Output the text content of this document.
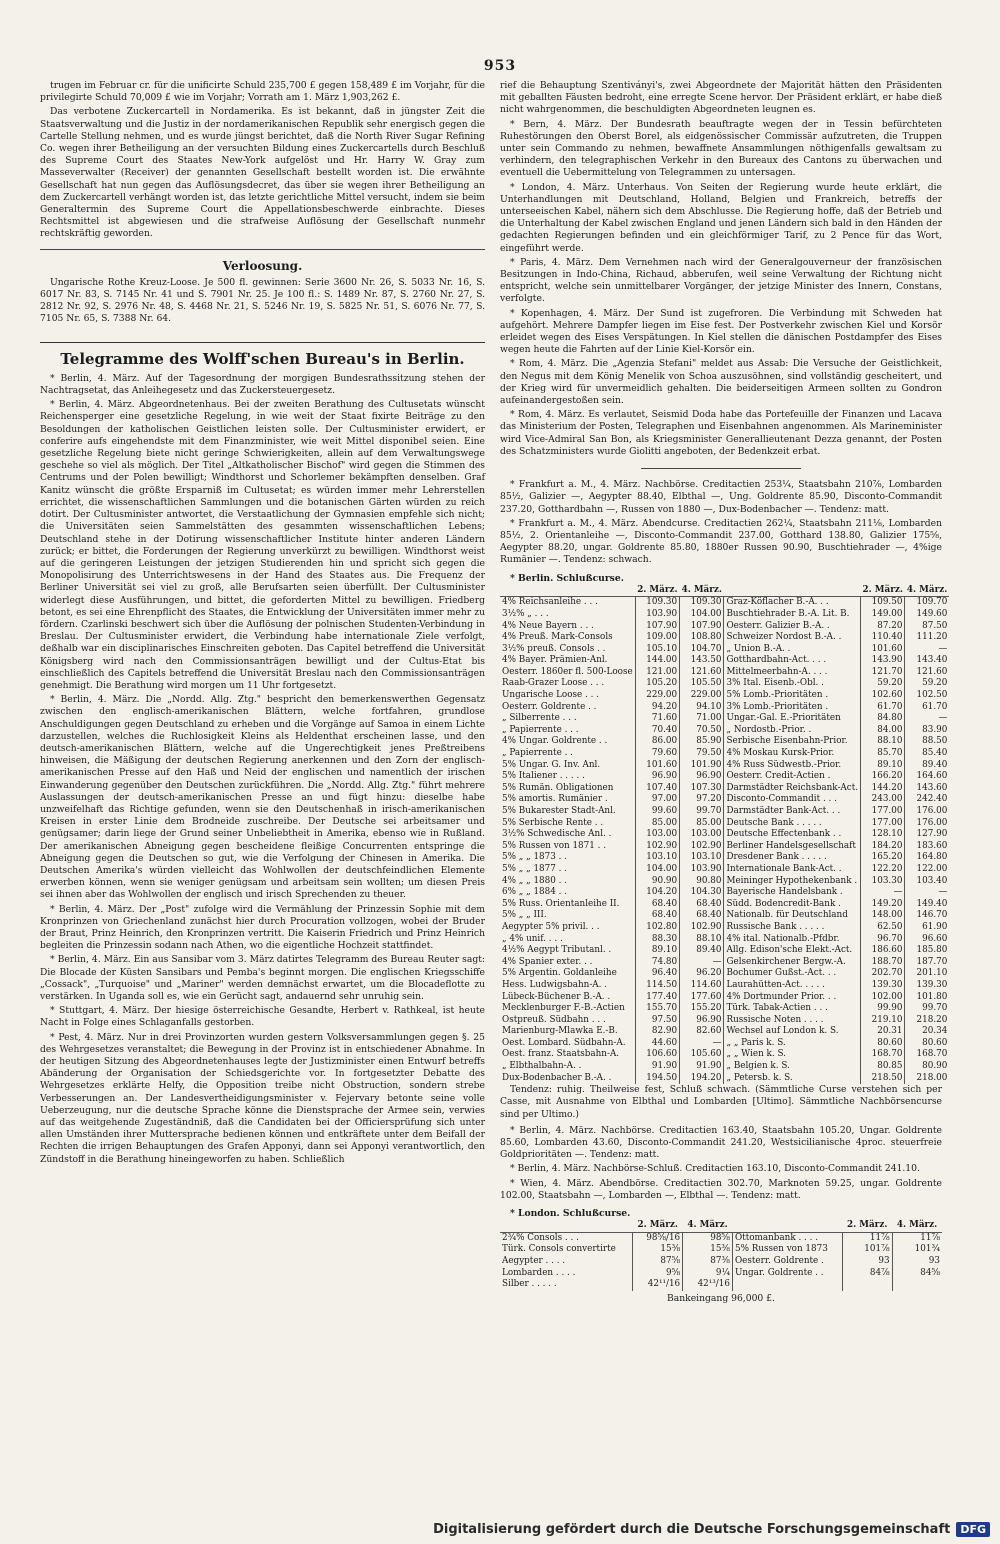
953

trugen im Februar cr. für die unificirte Schuld 235,700 £ gegen 158,489 £ im Vorjahr, für die privilegirte Schuld 70,009 £ wie im Vorjahr; Vorrath am 1. März 1,903,262 £.

Das verbotene Zuckercartell in Nordamerika. Es ist bekannt, daß in jüngster Zeit die Staatsverwaltung und die Justiz in der nordamerikanischen Republik sehr energisch gegen die Cartelle Stellung nehmen, und es wurde jüngst berichtet, daß die North River Sugar Refining Co. wegen ihrer Betheiligung an der versuchten Bildung eines Zuckercartells durch Beschluß des Supreme Court des Staates New-York aufgelöst und Hr. Harry W. Gray zum Masseverwalter (Receiver) der genannten Gesellschaft bestellt worden ist. Die erwähnte Gesellschaft hat nun gegen das Auflösungsdecret, das über sie wegen ihrer Betheiligung an dem Zuckercartell verhängt worden ist, das letzte gerichtliche Mittel versucht, indem sie beim Generaltermin des Supreme Court die Appellationsbeschwerde einbrachte. Dieses Rechtsmittel ist abgewiesen und die strafweise Auflösung der Gesellschaft nunmehr rechtskräftig geworden.

Verloosung.

Ungarische Rothe Kreuz-Loose. Je 500 fl. gewinnen: Serie 3600 Nr. 26, S. 5033 Nr. 16, S. 6017 Nr. 83, S. 7145 Nr. 41 und S. 7901 Nr. 25. Je 100 fl.: S. 1489 Nr. 87, S. 2760 Nr. 27, S. 2812 Nr. 92, S. 2976 Nr. 48, S. 4468 Nr. 21, S. 5246 Nr. 19, S. 5825 Nr. 51, S. 6076 Nr. 77, S. 7105 Nr. 65, S. 7388 Nr. 64.

Telegramme des Wolff'schen Bureau's in Berlin.

* Berlin, 4. März. Auf der Tagesordnung der morgigen Bundesrathssitzung stehen der Nachtragsetat, das Anleihegesetz und das Zuckersteuergesetz.

* Berlin, 4. März. Abgeordnetenhaus. Bei der zweiten Berathung des Cultusetats wünscht Reichensperger eine gesetzliche Regelung, in wie weit der Staat fixirte Beiträge zu den Besoldungen der katholischen Geistlichen leisten solle. Der Cultusminister erwidert, er conferire aufs eingehendste mit dem Finanzminister, wie weit Mittel disponibel seien. Eine gesetzliche Regelung biete nicht geringe Schwierigkeiten, allein auf dem Verwaltungswege geschehe so viel als möglich. Der Titel „Altkatholischer Bischof" wird gegen die Stimmen des Centrums und der Polen bewilligt; Windthorst und Schorlemer bekämpften denselben. Graf Kanitz wünscht die größte Ersparniß im Cultusetat; es würden immer mehr Lehrerstellen errichtet, die wissenschaftlichen Sammlungen und die botanischen Gärten würden zu reich dotirt. Der Cultusminister antwortet, die Verstaatlichung der Gymnasien empfehle sich nicht; die Universitäten seien Sammelstätten des gesammten wissenschaftlichen Lebens; Deutschland stehe in der Dotirung wissenschaftlicher Institute hinter anderen Ländern zurück; er bittet, die Forderungen der Regierung unverkürzt zu bewilligen. Windthorst weist auf die geringeren Leistungen der jetzigen Studierenden hin und spricht sich gegen die Monopolisirung des Unterrichtswesens in der Hand des Staates aus. Die Frequenz der Berliner Universität sei viel zu groß, alle Berufsarten seien überfüllt. Der Cultusminister widerlegt diese Ausführungen, und bittet, die geforderten Mittel zu bewilligen. Friedberg betont, es sei eine Ehrenpflicht des Staates, die Entwicklung der Universitäten immer mehr zu fördern. Czarlinski beschwert sich über die Auflösung der polnischen Studenten-Verbindung in Breslau. Der Cultusminister erwidert, die Verbindung habe internationale Ziele verfolgt, deßhalb war ein disciplinarisches Einschreiten geboten. Das Capitel betreffend die Universität Königsberg wird nach den Commissionsanträgen bewilligt und der Cultus-Etat bis einschließlich des Capitels betreffend die Universität Breslau nach den Commissionsanträgen genehmigt. Die Berathung wird morgen um 11 Uhr fortgesetzt.

* Berlin, 4. März. Die „Nordd. Allg. Ztg." bespricht den bemerkenswerthen Gegensatz zwischen den englisch-amerikanischen Blättern, welche fortfahren, grundlose Anschuldigungen gegen Deutschland zu erheben und die Vorgänge auf Samoa in einem Lichte darzustellen, welches die Ruchlosigkeit Kleins als Heldenthat erscheinen lasse, und den deutsch-amerikanischen Blättern, welche auf die Ungerechtigkeit jenes Preßtreibens hinweisen, die Mäßigung der deutschen Regierung anerkennen und den Zorn der englisch-amerikanischen Presse auf den Haß und Neid der englischen und namentlich der irischen Einwanderung gegenüber den Deutschen zurückführen. Die „Nordd. Allg. Ztg." führt mehrere Auslassungen der deutsch-amerikanischen Presse an und fügt hinzu: dieselbe habe unzweifelhaft das Richtige gefunden, wenn sie den Deutschenhaß in irisch-amerikanischen Kreisen in erster Linie dem Brodneide zuschreibe. Der Deutsche sei arbeitsamer und genügsamer; darin liege der Grund seiner Unbeliebtheit in Amerika, ebenso wie in Rußland. Der amerikanischen Abneigung gegen bescheidene fleißige Concurrenten entspringe die Abneigung gegen die Deutschen so gut, wie die Verfolgung der Chinesen in Amerika. Die Deutschen Amerika's würden vielleicht das Wohlwollen der deutschfeindlichen Elemente erwerben können, wenn sie weniger genügsam und arbeitsam sein wollten; um diesen Preis sei ihnen aber das Wohlwollen der englisch und irisch Sprechenden zu theuer.

* Berlin, 4. März. Der „Post" zufolge wird die Vermählung der Prinzessin Sophie mit dem Kronprinzen von Griechenland zunächst hier durch Procuration vollzogen, wobei der Bruder der Braut, Prinz Heinrich, den Kronprinzen vertritt. Die Kaiserin Friedrich und Prinz Heinrich begleiten die Prinzessin sodann nach Athen, wo die eigentliche Hochzeit stattfindet.

* Berlin, 4. März. Ein aus Sansibar vom 3. März datirtes Telegramm des Bureau Reuter sagt: Die Blocade der Küsten Sansibars und Pemba's beginnt morgen. Die englischen Kriegsschiffe „Cossack", „Turquoise" und „Mariner" werden demnächst erwartet, um die Blocadeflotte zu verstärken. In Uganda soll es, wie ein Gerücht sagt, andauernd sehr unruhig sein.

* Stuttgart, 4. März. Der hiesige österreichische Gesandte, Herbert v. Rathkeal, ist heute Nacht in Folge eines Schlaganfalls gestorben.

* Pest, 4. März. Nur in drei Provinzorten wurden gestern Volksversammlungen gegen §. 25 des Wehrgesetzes veranstaltet; die Bewegung in der Provinz ist in entschiedener Abnahme. In der heutigen Sitzung des Abgeordnetenhauses legte der Justizminister einen Entwurf betreffs Abänderung der Organisation der Schiedsgerichte vor. In fortgesetzter Debatte des Wehrgesetzes erklärte Helfy, die Opposition treibe nicht Obstruction, sondern strebe Verbesserungen an. Der Landesvertheidigungsminister v. Fejervary betonte seine volle Ueberzeugung, nur die deutsche Sprache könne die Dienstsprache der Armee sein, verwies auf das weitgehende Zugeständniß, daß die Candidaten bei der Officiersprüfung sich unter allen Umständen ihrer Muttersprache bedienen können und entkräftete unter dem Beifall der Rechten die irrigen Behauptungen des Grafen Apponyi, dann sei Apponyi verantwortlich, den Zündstoff in die Berathung hineingeworfen zu haben. Schließlich

rief die Behauptung Szentiványi's, zwei Abgeordnete der Majorität hätten den Präsidenten mit geballten Fäusten bedroht, eine erregte Scene hervor. Der Präsident erklärt, er habe dieß nicht wahrgenommen, die beschuldigten Abgeordneten leugnen es.

* Bern, 4. März. Der Bundesrath beauftragte wegen der in Tessin befürchteten Ruhestörungen den Oberst Borel, als eidgenössischer Commissär aufzutreten, die Truppen unter sein Commando zu nehmen, bewaffnete Ansammlungen nöthigenfalls gewaltsam zu verhindern, den telegraphischen Verkehr in den Bureaux des Cantons zu überwachen und eventuell die Uebermittelung von Telegrammen zu untersagen.

* London, 4. März. Unterhaus. Von Seiten der Regierung wurde heute erklärt, die Unterhandlungen mit Deutschland, Holland, Belgien und Frankreich, betreffs der unterseeischen Kabel, nähern sich dem Abschlusse. Die Regierung hoffe, daß der Betrieb und die Unterhaltung der Kabel zwischen England und jenen Ländern sich bald in den Händen der gedachten Regierungen befinden und ein gleichförmiger Tarif, zu 2 Pence für das Wort, eingeführt werde.

* Paris, 4. März. Dem Vernehmen nach wird der Generalgouverneur der französischen Besitzungen in Indo-China, Richaud, abberufen, weil seine Verwaltung der Richtung nicht entspricht, welche sein unmittelbarer Vorgänger, der jetzige Minister des Innern, Constans, verfolgte.

* Kopenhagen, 4. März. Der Sund ist zugefroren. Die Verbindung mit Schweden hat aufgehört. Mehrere Dampfer liegen im Eise fest. Der Postverkehr zwischen Kiel und Korsör erleidet wegen des Eises Verspätungen. In Kiel stellen die dänischen Postdampfer des Eises wegen heute die Fahrten auf der Linie Kiel-Korsör ein.

* Rom, 4. März. Die „Agenzia Stefani" meldet aus Assab: Die Versuche der Geistlichkeit, den Negus mit dem König Menelik von Schoa auszusöhnen, sind vollständig gescheitert, und der Krieg wird für unvermeidlich gehalten. Die beiderseitigen Armeen sollten zu Gondron aufeinandergestoßen sein.

* Rom, 4. März. Es verlautet, Seismid Doda habe das Portefeuille der Finanzen und Lacava das Ministerium der Posten, Telegraphen und Eisenbahnen angenommen. Als Marineminister wird Vice-Admiral San Bon, als Kriegsminister Generallieutenant Dezza genannt, der Posten des Schatzministers wurde Giolitti angeboten, der Bedenkzeit erbat.

* Frankfurt a. M., 4. März. Nachbörse. Creditactien 253¼, Staatsbahn 210⅞, Lombarden 85½, Galizier —, Aegypter 88.40, Elbthal —, Ung. Goldrente 85.90, Disconto-Commandit 237.20, Gotthardbahn —, Russen von 1880 —, Dux-Bodenbacher —. Tendenz: matt.

* Frankfurt a. M., 4. März. Abendcurse. Creditactien 262¼, Staatsbahn 211⅛, Lombarden 85½, 2. Orientanleihe —, Disconto-Commandit 237.00, Gotthard 138.80, Galizier 175⅝, Aegypter 88.20, ungar. Goldrente 85.80, 1880er Russen 90.90, Buschtiehrader —, 4%ige Rumänier —. Tendenz: schwach.

* Berlin. Schlußcurse.
	2. März.	4. März.		2. März.	4. März.
4% Reichsanleihe . . .	109.30	109.30	Graz-Köflacher B.-A. . .	109.50	109.70
3½% „ . . .	103.90	104.00	Buschtiehrader B.-A. Lit. B.	149.00	149.60
4% Neue Bayern . . .	107.90	107.90	Oesterr. Galizier B.-A. .	87.20	87.50
4% Preuß. Mark-Consols	109.00	108.80	Schweizer Nordost B.-A. .	110.40	111.20
3½% preuß. Consols . .	105.10	104.70	„ Union B.-A. .	101.60	—
4% Bayer. Prämien-Anl.	144.00	143.50	Gotthardbahn-Act. . . .	143.90	143.40
Oesterr. 1860er fl. 500-Loose	121.00	121.60	Mittelmeerbahn-A. . . .	121.70	121.60
Raab-Grazer Loose . . .	105.20	105.50	3% Ital. Eisenb.-Obl. .	59.20	59.20
Ungarische Loose . . .	229.00	229.00	5% Lomb.-Prioritäten .	102.60	102.50
Oesterr. Goldrente . .	94.20	94.10	3% Lomb.-Prioritäten .	61.70	61.70
„ Silberrente . . .	71.60	71.00	Ungar.-Gal. E.-Prioritäten	84.80	—
„ Papierrente . . .	70.40	70.50	„ Nordostb.-Prior. .	84.00	83.90
4% Ungar. Goldrente . .	86.00	85.90	Serbische Eisenbahn-Prior.	88.10	88.50
„ Papierrente . .	79.60	79.50	4% Moskau Kursk-Prior.	85.70	85.40
5% Ungar. G. Inv. Anl.	101.60	101.90	4% Russ Südwestb.-Prior.	89.10	89.40
5% Italiener . . . . .	96.90	96.90	Oesterr. Credit-Actien .	166.20	164.60
5% Rumän. Obligationen	107.40	107.30	Darmstädter Reichsbank-Act.	144.20	143.60
5% amortis. Rumänier .	97.00	97.20	Disconto-Commandit . . .	243.00	242.40
5% Bukarester Stadt-Anl.	99.60	99.70	Darmstädter Bank-Act. . .	177.00	176.00
5% Serbische Rente . .	85.00	85.00	Deutsche Bank . . . . .	177.00	176.00
3½% Schwedische Anl. .	103.00	103.00	Deutsche Effectenbank . .	128.10	127.90
5% Russen von 1871 . .	102.90	102.90	Berliner Handelsgesellschaft	184.20	183.60
5% „ „ 1873 . .	103.10	103.10	Dresdener Bank . . . . .	165.20	164.80
5% „ „ 1877 . .	104.00	103.90	Internationale Bank-Act. .	122.20	122.00
4% „ „ 1880 . .	90.90	90.80	Meininger Hypothekenbank .	103.30	103.40
6% „ „ 1884 . .	104.20	104.30	Bayerische Handelsbank .	—	—
5% Russ. Orientanleihe II.	68.40	68.40	Südd. Bodencredit-Bank .	149.20	149.40
5% „ „ III.	68.40	68.40	Nationalb. für Deutschland	148.00	146.70
Aegypter 5% privil. . .	102.80	102.90	Russische Bank . . . . .	62.50	61.90
„ 4% unif. . . .	88.30	88.10	4% ital. Nationalb.-Pfdbr.	96.70	96.60
4½% Aegypt Tributanl. .	89.10	89.40	Allg. Edison'sche Elekt.-Act.	186.60	185.80
4% Spanier exter. . .	74.80	—	Gelsenkirchener Bergw.-A.	188.70	187.70
5% Argentin. Goldanleihe	96.40	96.20	Bochumer Gußst.-Act. . .	202.70	201.10
Hess. Ludwigsbahn-A. .	114.50	114.60	Laurahütten-Act. . . . .	139.30	139.30
Lübeck-Büchener B.-A. .	177.40	177.60	4% Dortmunder Prior. . .	102.00	101.80
Mecklenburger F.-B.-Actien	155.70	155.20	Türk. Tabak-Actien . . .	99.90	99.70
Ostpreuß. Südbahn . . .	97.50	96.90	Russische Noten . . . .	219.10	218.20
Marienburg-Mlawka E.-B.	82.90	82.60	Wechsel auf London k. S.	20.31	20.34
Oest. Lombard. Südbahn-A.	44.60	—	„ „ Paris k. S.	80.60	80.60
Oest. franz. Staatsbahn-A.	106.60	105.60	„ „ Wien k. S.	168.70	168.70
„ Elbthalbahn-A. .	91.90	91.90	„ Belgien k. S.	80.85	80.90
Dux-Bodenbacher B.-A. .	194.50	194.20	„ Petersb. k. S.	218.50	218.00

Tendenz: ruhig. Theilweise fest, Schluß schwach. (Sämmtliche Curse verstehen sich per Casse, mit Ausnahme von Elbthal und Lombarden [Ultimo]. Sämmtliche Nachbörsencurse sind per Ultimo.)

* Berlin, 4. März. Nachbörse. Creditactien 163.40, Staatsbahn 105.20, Ungar. Goldrente 85.60, Lombarden 43.60, Disconto-Commandit 241.20, Westsicilianische 4proc. steuerfreie Goldprioritäten —. Tendenz: matt.

* Berlin, 4. März. Nachbörse-Schluß. Creditactien 163.10, Disconto-Commandit 241.10.

* Wien, 4. März. Abendbörse. Creditactien 302.70, Marknoten 59.25, ungar. Goldrente 102.00, Staatsbahn —, Lombarden —, Elbthal —. Tendenz: matt.

* London. Schlußcurse.
	2. März.	4. März.		2. März.	4. März.
2¾% Consols . . .	98⅝/16	98⅝	Ottomanbank . . . .	11⅞	11⅞
Türk. Consols convertirte	15⅜	15⅜	5% Russen von 1873	101⅞	101¾
Aegypter . . . .	87⅝	87⅜	Oesterr. Goldrente .	93	93
Lombarden . . . .	9⅝	9¼	Ungar. Goldrente . .	84⅞	84⅝
Silber . . . . .	42¹¹/16	42¹³/16			
Bankeingang 96,000 £.
Digitalisierung gefördert durch die Deutsche Forschungsgemeinschaft DFG
